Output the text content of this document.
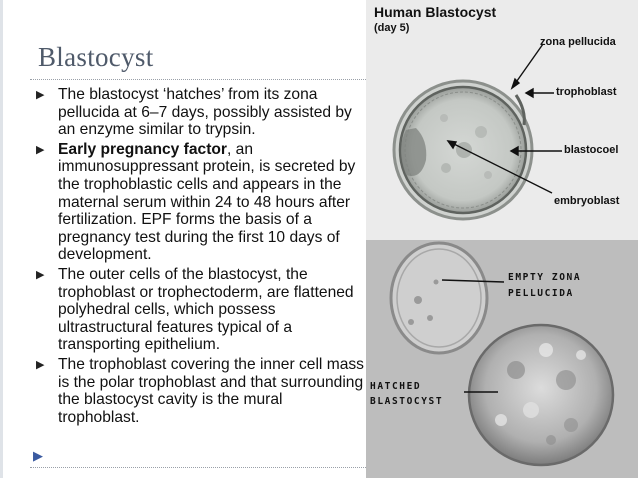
Blastocyst
▶ The blastocyst ‘hatches’ from its zona pellucida at 6–7 days, possibly assisted by an enzyme similar to trypsin.
▶ Early pregnancy factor, an immunosuppressant protein, is secreted by the trophoblastic cells and appears in the maternal serum within 24 to 48 hours after fertilization. EPF forms the basis of a pregnancy test during the first 10 days of development.
▶ The outer cells of the blastocyst, the trophoblast or trophectoderm, are flattened polyhedral cells, which possess ultrastructural features typical of a transporting epithelium.
▶ The trophoblast covering the inner cell mass is the polar trophoblast and that surrounding the blastocyst cavity is the mural trophoblast.
▶
Human Blastocyst
(day 5)
zona pellucida
trophoblast
blastocoel
embryoblast
EMPTY ZONA
PELLUCIDA
HATCHED
BLASTOCYST
